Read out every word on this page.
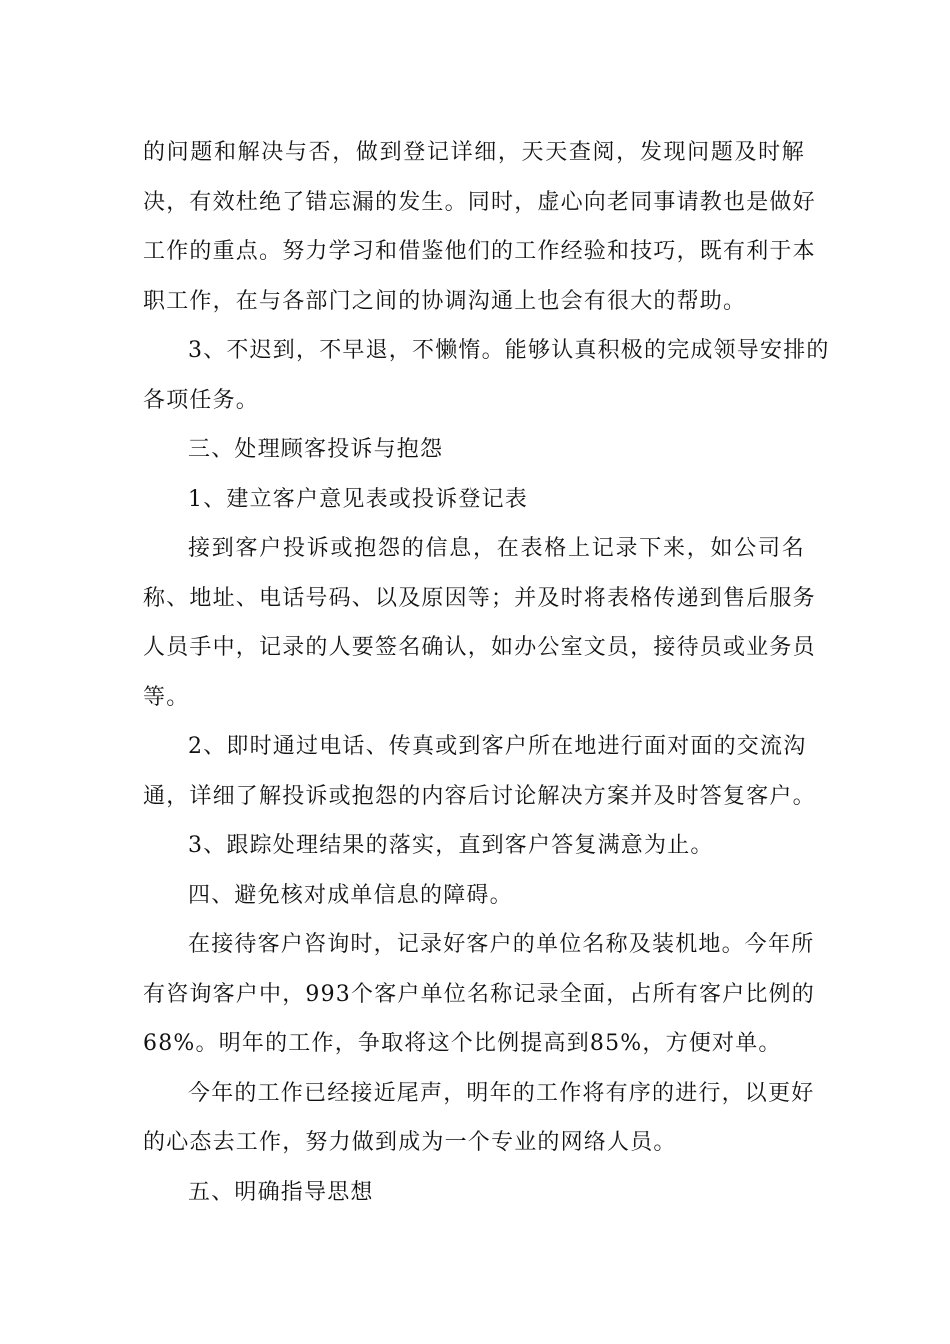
的问题和解决与否，做到登记详细，天天查阅，发现问题及时解
决，有效杜绝了错忘漏的发生。同时，虚心向老同事请教也是做好
工作的重点。努力学习和借鉴他们的工作经验和技巧，既有利于本
职工作，在与各部门之间的协调沟通上也会有很大的帮助。
3、不迟到，不早退，不懒惰。能够认真积极的完成领导安排的
各项任务。
三、处理顾客投诉与抱怨
1、建立客户意见表或投诉登记表
接到客户投诉或抱怨的信息，在表格上记录下来，如公司名
称、地址、电话号码、以及原因等；并及时将表格传递到售后服务
人员手中，记录的人要签名确认，如办公室文员，接待员或业务员
等。
2、即时通过电话、传真或到客户所在地进行面对面的交流沟
通，详细了解投诉或抱怨的内容后讨论解决方案并及时答复客户。
3、跟踪处理结果的落实，直到客户答复满意为止。
四、避免核对成单信息的障碍。
在接待客户咨询时，记录好客户的单位名称及装机地。今年所
有咨询客户中，993个客户单位名称记录全面，占所有客户比例的
68%。明年的工作，争取将这个比例提高到85%，方便对单。
今年的工作已经接近尾声，明年的工作将有序的进行，以更好
的心态去工作，努力做到成为一个专业的网络人员。
五、明确指导思想
